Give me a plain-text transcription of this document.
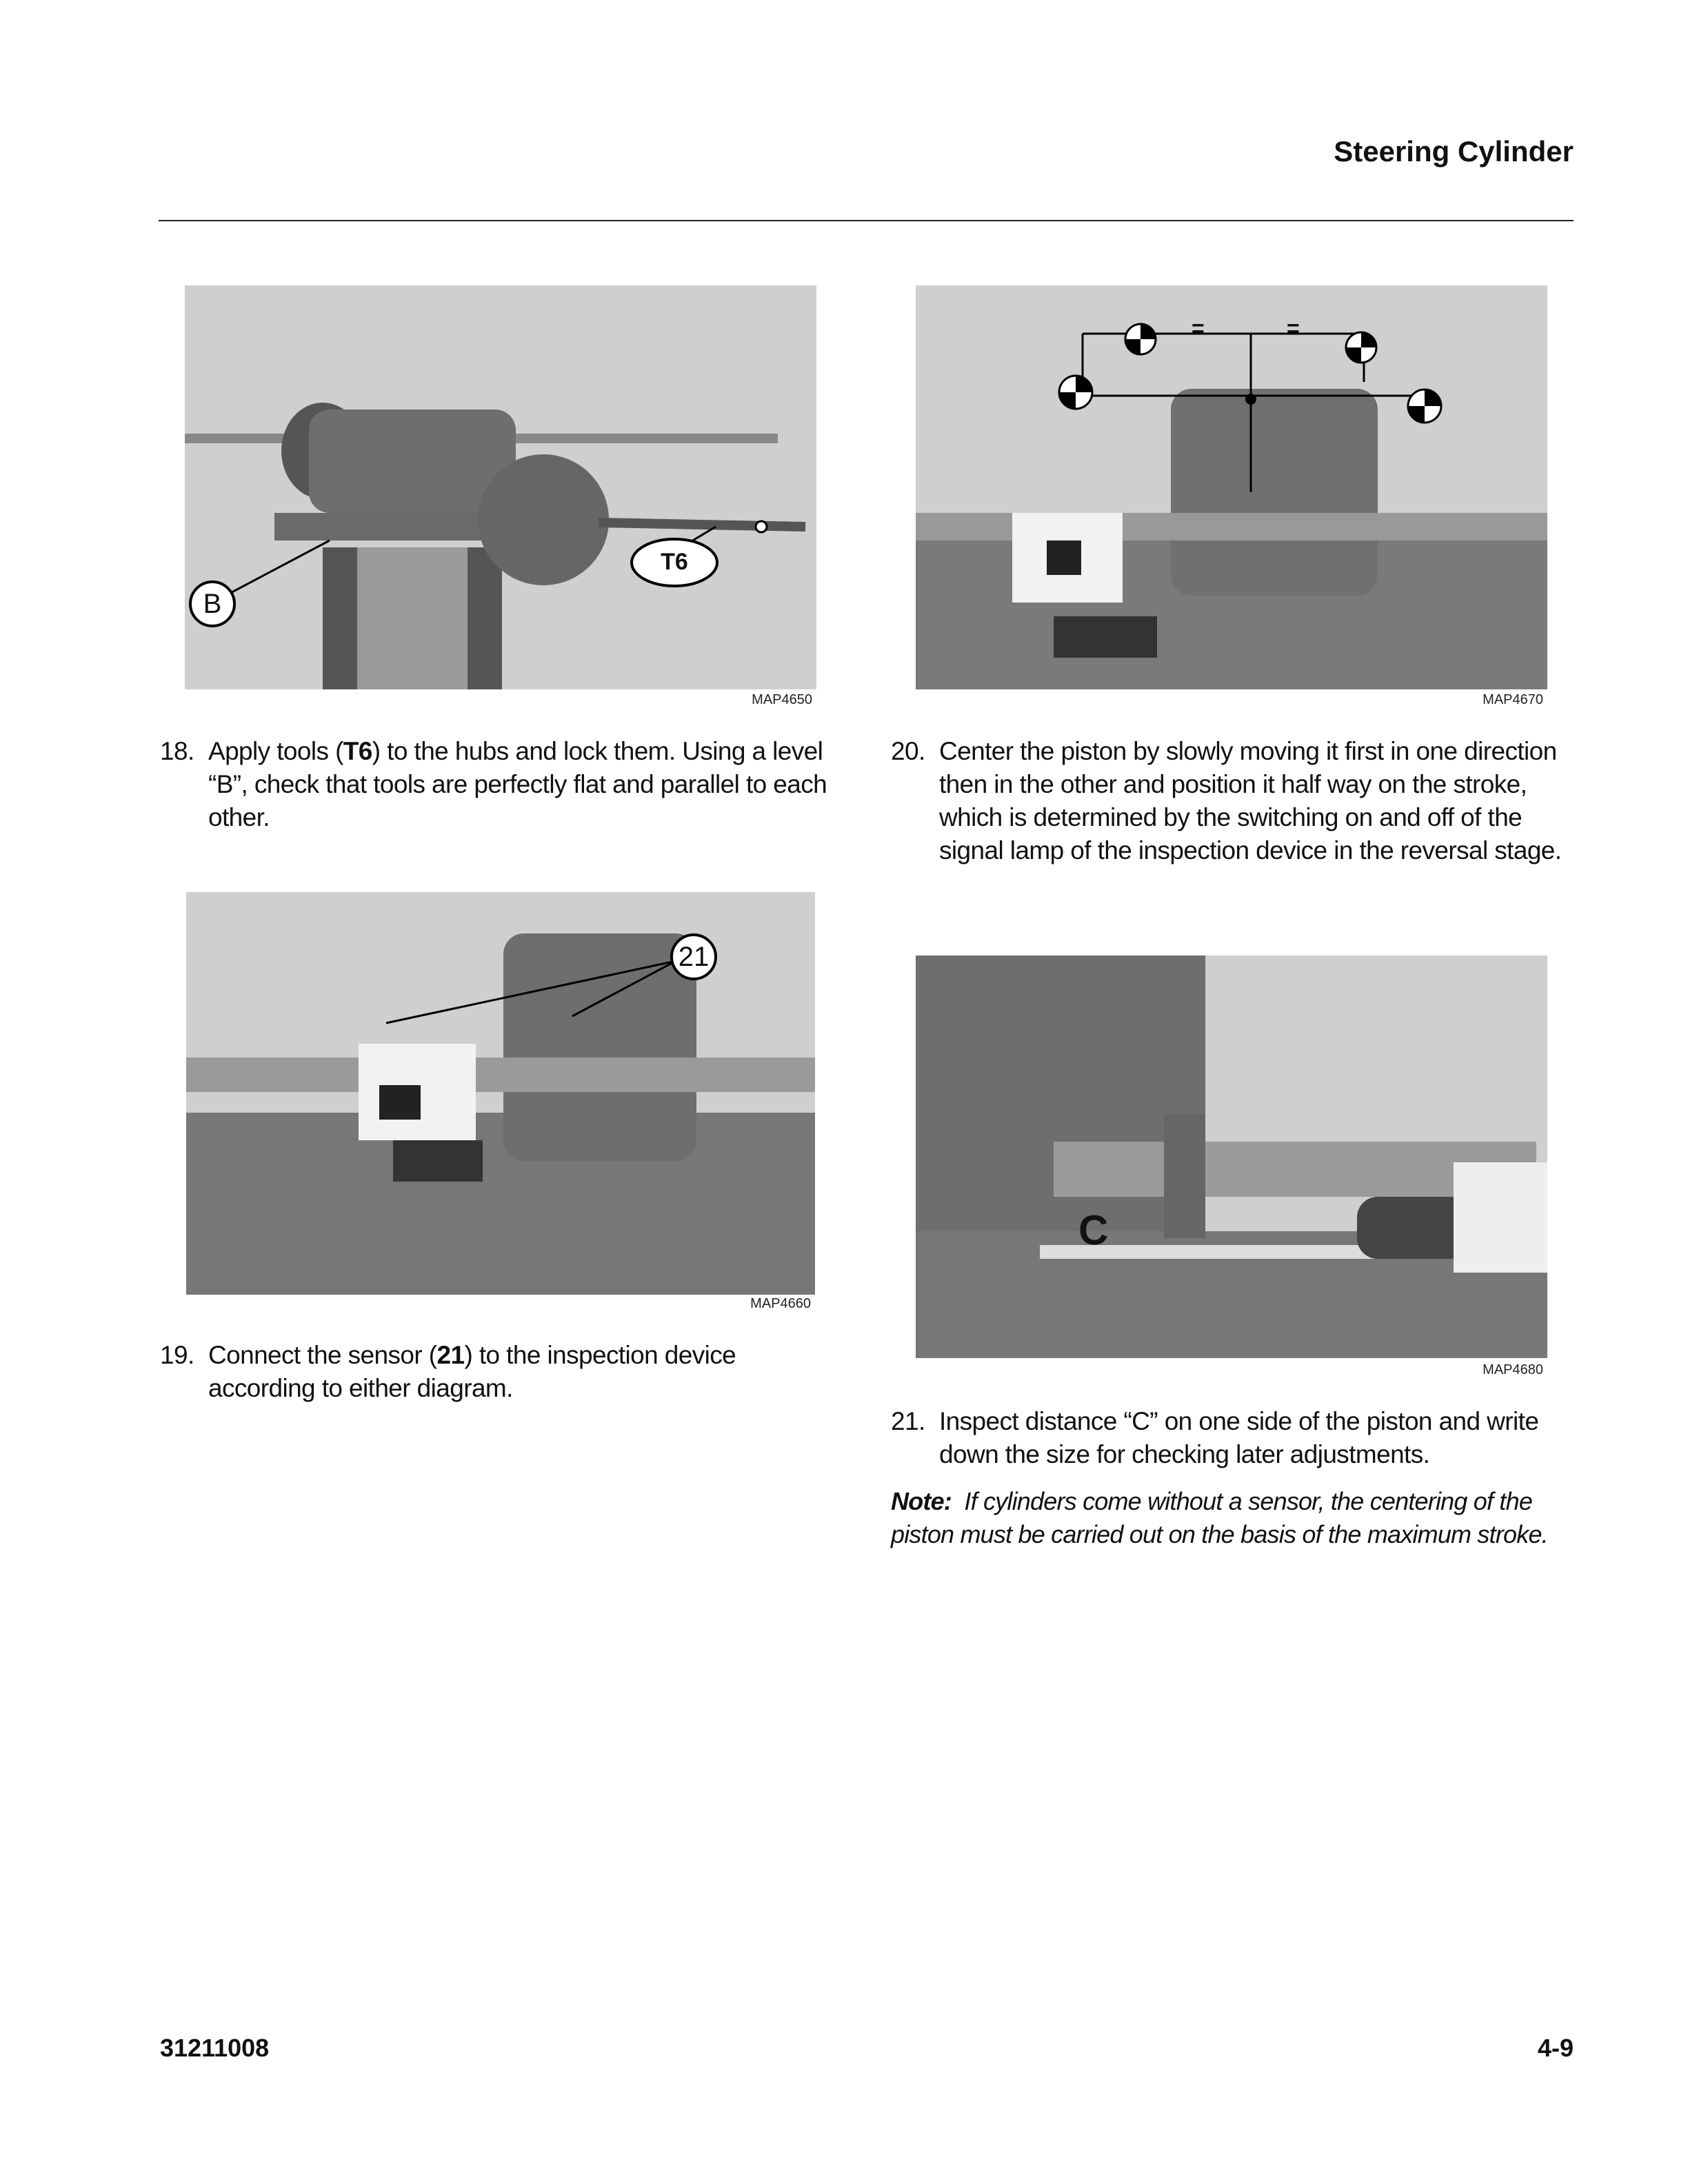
Steering Cylinder
B
T6
MAP4650
=	=
MAP4670
18. Apply tools (T6) to the hubs and lock them. Using a level “B”, check that tools are perfectly flat and parallel to each other.
21
MAP4660
19. Connect the sensor (21) to the inspection device according to either diagram.
20. Center the piston by slowly moving it first in one direction then in the other and position it half way on the stroke, which is determined by the switching on and off of the signal lamp of the inspection device in the reversal stage.
C
MAP4680
21. Inspect distance “C” on one side of the piston and write down the size for checking later adjustments.
Note: If cylinders come without a sensor, the centering of the piston must be carried out on the basis of the maximum stroke.
31211008	4-9
